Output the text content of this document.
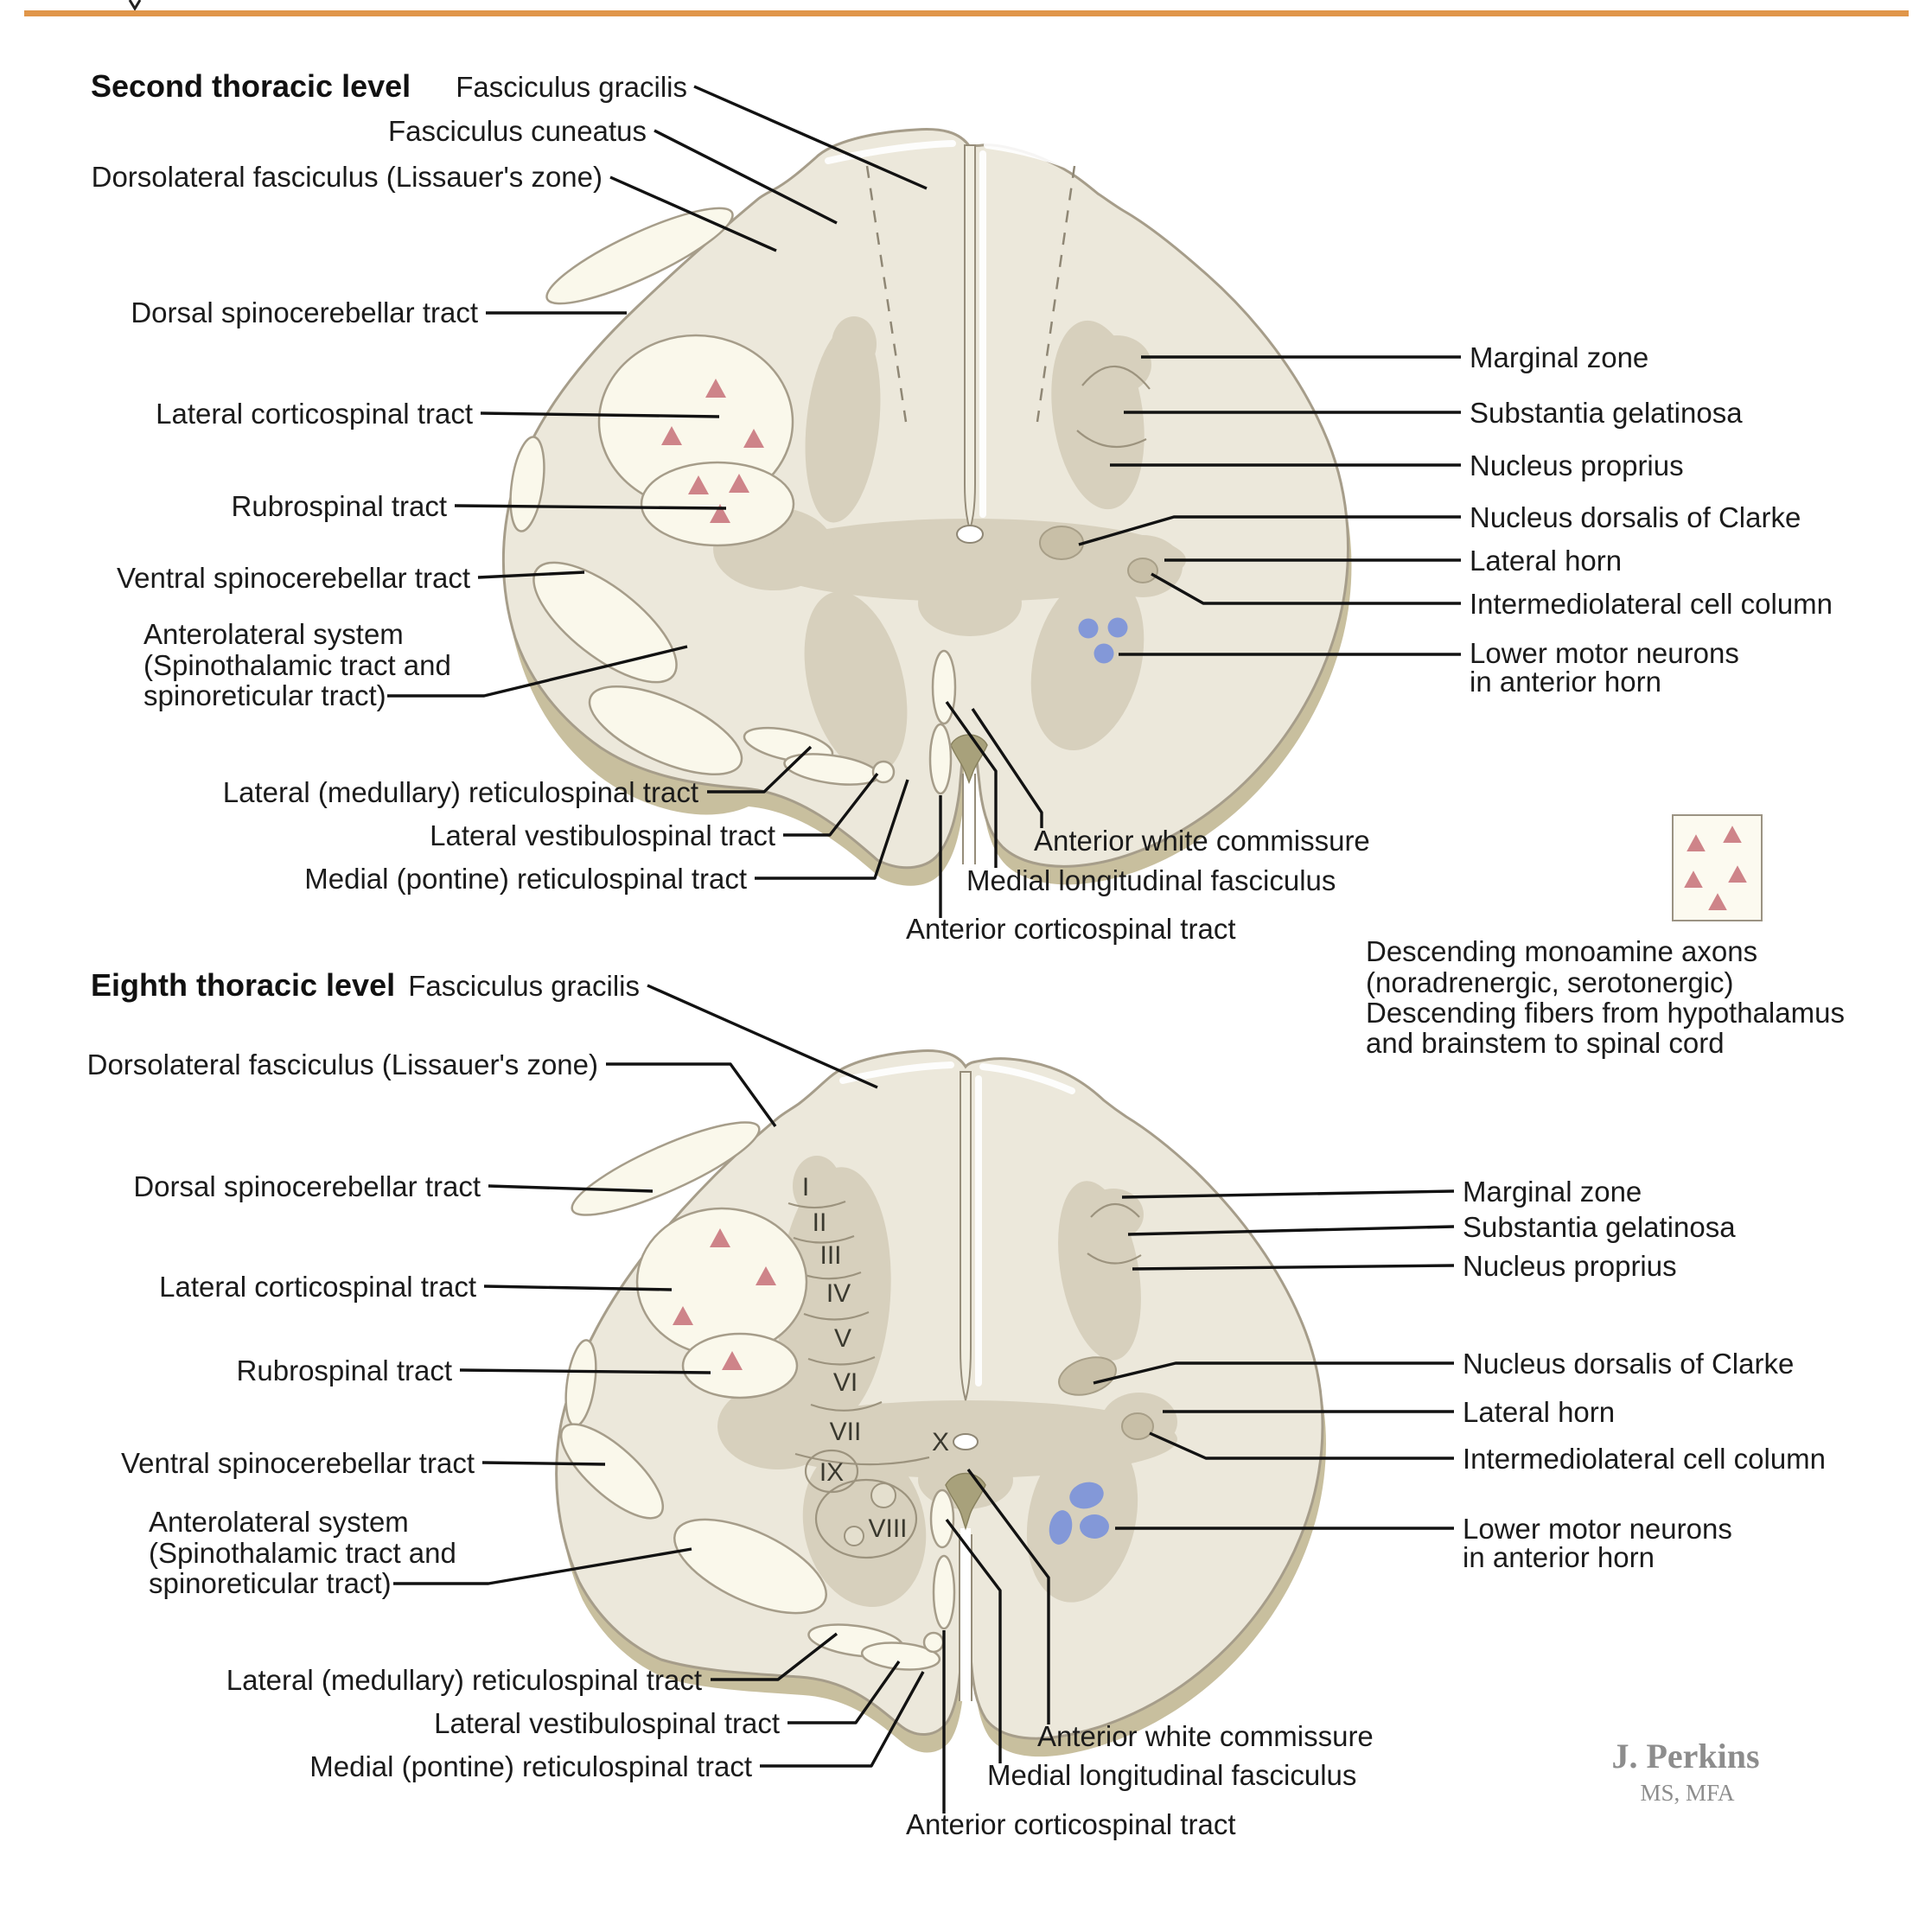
Second thoracic level Fasciculus gracilis
Fasciculus cuneatus
Dorsolateral fasciculus (Lissauer's zone)
Dorsal spinocerebellar tract
Lateral corticospinal tract
Rubrospinal tract
Ventral spinocerebellar tract
Anterolateral system
(Spinothalamic tract and
spinoreticular tract)
Lateral (medullary) reticulospinal tract
Lateral vestibulospinal tract
Medial (pontine) reticulospinal tract
Marginal zone
Substantia gelatinosa
Nucleus proprius
Nucleus dorsalis of Clarke
Lateral horn
Intermediolateral cell column
Lower motor neurons
in anterior horn
Anterior white commissure
Medial longitudinal fasciculus
Anterior corticospinal tract
Descending monoamine axons
(noradrenergic, serotonergic)
Descending fibers from hypothalamus
and brainstem to spinal cord
I
II
III
IV
V
VI
VII
VIII
IX
X
Eighth thoracic level Fasciculus gracilis
Dorsolateral fasciculus (Lissauer's zone)
Dorsal spinocerebellar tract
Lateral corticospinal tract
Rubrospinal tract
Ventral spinocerebellar tract
Anterolateral system
(Spinothalamic tract and
spinoreticular tract)
Lateral (medullary) reticulospinal tract
Lateral vestibulospinal tract
Medial (pontine) reticulospinal tract
Marginal zone
Substantia gelatinosa
Nucleus proprius
Nucleus dorsalis of Clarke
Lateral horn
Intermediolateral cell column
Lower motor neurons
in anterior horn
Anterior white commissure
Medial longitudinal fasciculus
Anterior corticospinal tract
J. Perkins
MS, MFA
